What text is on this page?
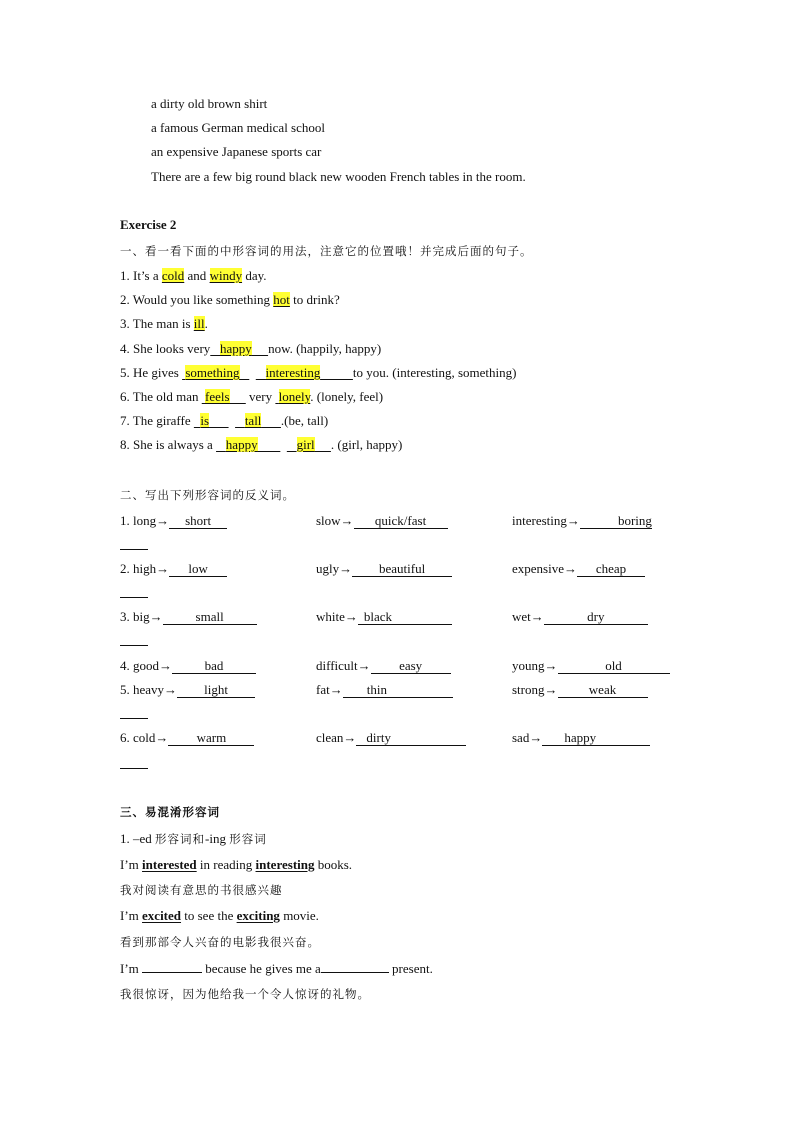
a dirty old brown shirt
a famous German medical school
an expensive Japanese sports car
There are a few big round black new wooden French tables in the room.
Exercise 2
一、看一看下面的中形容词的用法，注意它的位置哦！并完成后面的句子。
1. It’s a cold and windy day.
2. Would you like something hot to drink?
3. The man is ill.
4. She looks very happy now. (happily, happy)
5. He gives  something interesting	to you. (interesting, something)
6. The old man  feels      very  lonely. (lonely, feel)
7. The giraffe   is	tall .(be, tall)
8. She is always a    happy	girl . (girl, happy)
二、写出下列形容词的反义词。
1. long→ short	slow→ quick/fast	interesting→	boring
2. high→ low	ugly→ beautiful	expensive→ cheap
3. big→	small	white→ black	wet→	dry
4. good→	bad	difficult→ easy	young→	old
5. heavy→ light	fat→ thin	strong→ weak
6. cold→ warm	clean→ dirty	sad→ happy
三、易混淆形容词
1. –ed 形容词和-ing 形容词
I’m interested in reading interesting books.
我对阅读有意思的书很感兴趣
I’m excited to see the exciting movie.
看到那部令人兴奋的电影我很兴奋。
I’m	because he gives me a	present.
我很惊讶，因为他给我一个令人惊讶的礼物。
